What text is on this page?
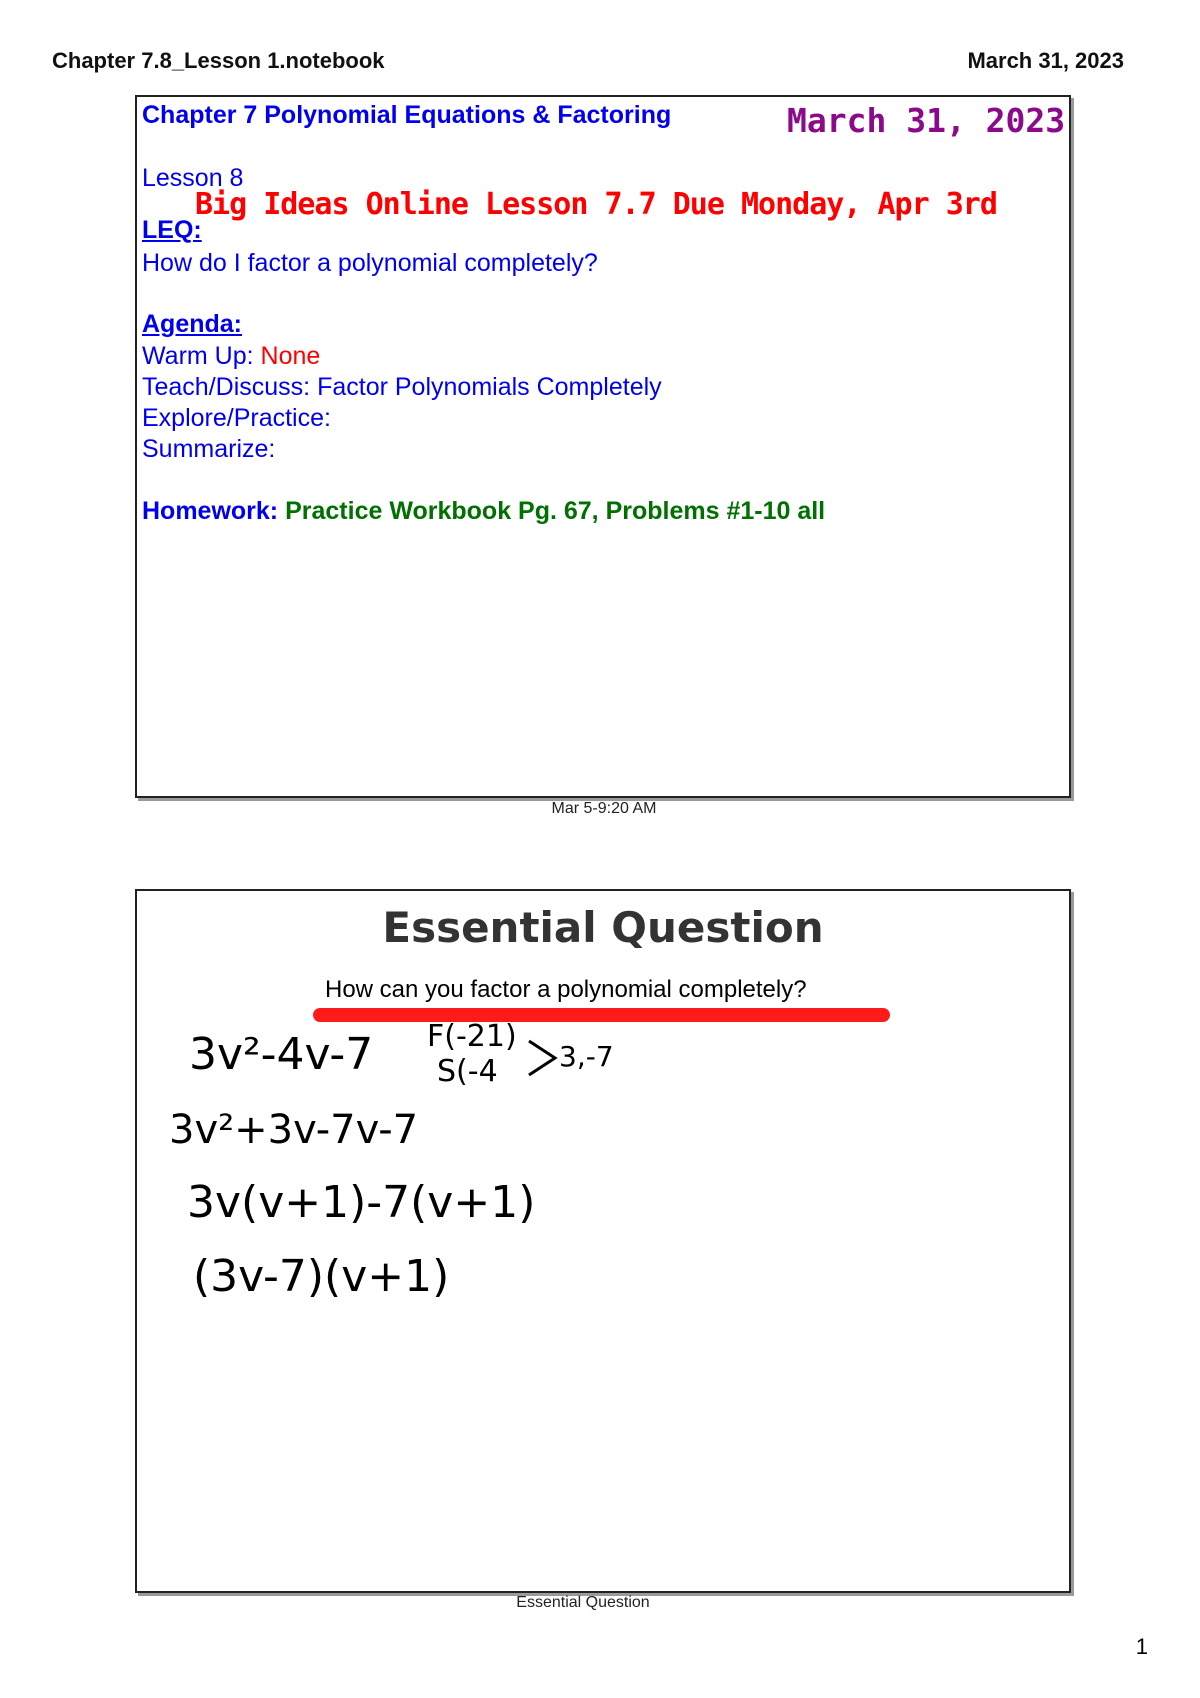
Chapter 7.8_Lesson 1.notebook	March 31, 2023
Chapter 7 Polynomial Equations & Factoring	March 31, 2023
Lesson 8
Big Ideas Online Lesson 7.7 Due Monday, Apr 3rd
LEQ:
How do I factor a polynomial completely?
Agenda:
Warm Up: None
Teach/Discuss: Factor Polynomials Completely
Explore/Practice:
Summarize:
Homework: Practice Workbook Pg. 67, Problems #1-10 all
Mar 5-9:20 AM
Essential Question
How can you factor a polynomial completely?
3v²-4v-7 F(-21)
S(-4 3,-7
3v²+3v-7v-7
3v(v+1)-7(v+1)
(3v-7)(v+1)
Essential Question
1
